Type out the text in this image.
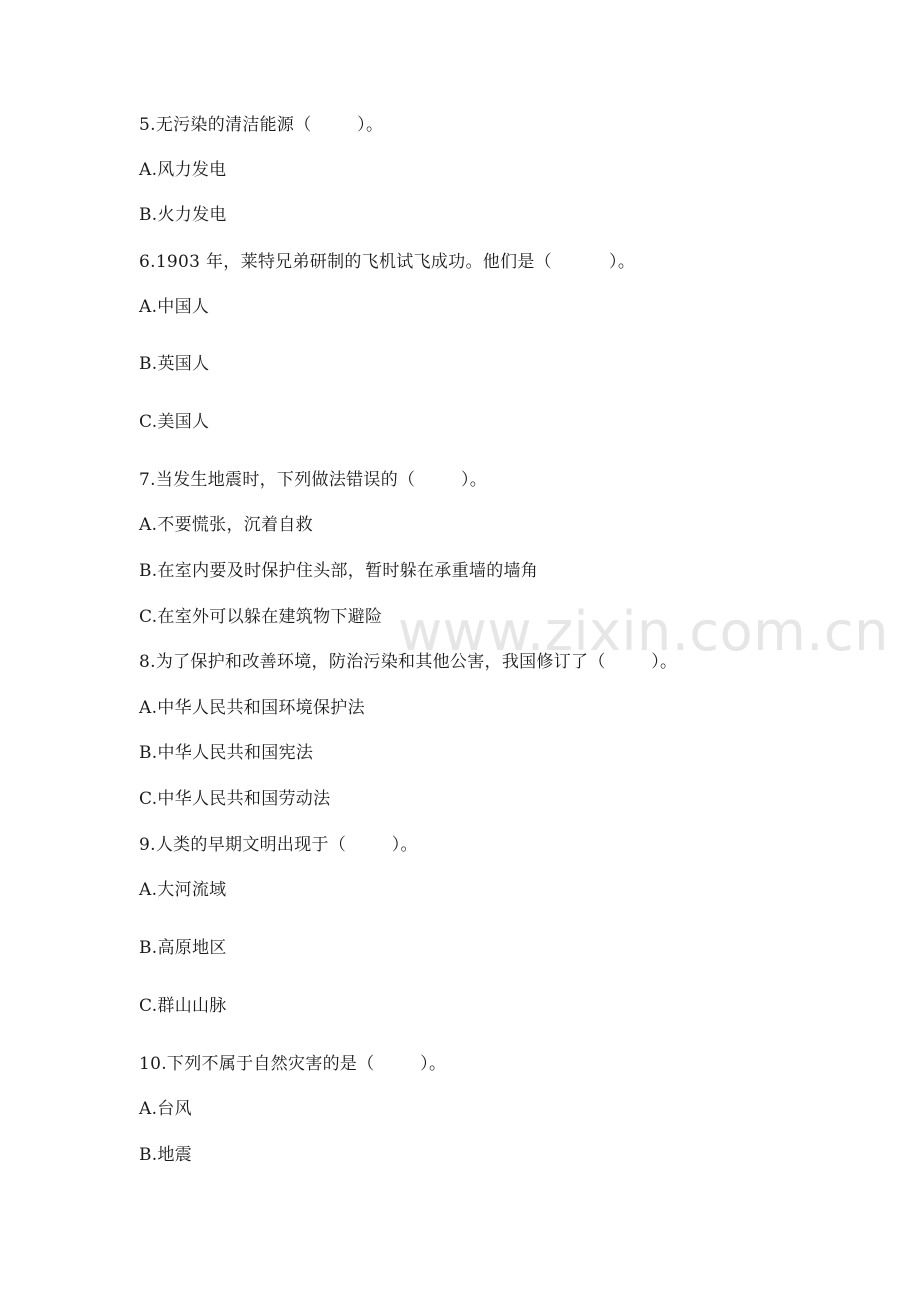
www.zixin.com.cn
5.无污染的清洁能源（        ）。
A.风力发电
B.火力发电
6.1903 年，莱特兄弟研制的飞机试飞成功。他们是（          ）。
A.中国人
B.英国人
C.美国人
7.当发生地震时，下列做法错误的（        ）。
A.不要慌张，沉着自救
B.在室内要及时保护住头部，暂时躲在承重墙的墙角
C.在室外可以躲在建筑物下避险
8.为了保护和改善环境，防治污染和其他公害，我国修订了（        ）。
A.中华人民共和国环境保护法
B.中华人民共和国宪法
C.中华人民共和国劳动法
9.人类的早期文明出现于（        ）。
A.大河流域
B.高原地区
C.群山山脉
10.下列不属于自然灾害的是（        ）。
A.台风
B.地震
